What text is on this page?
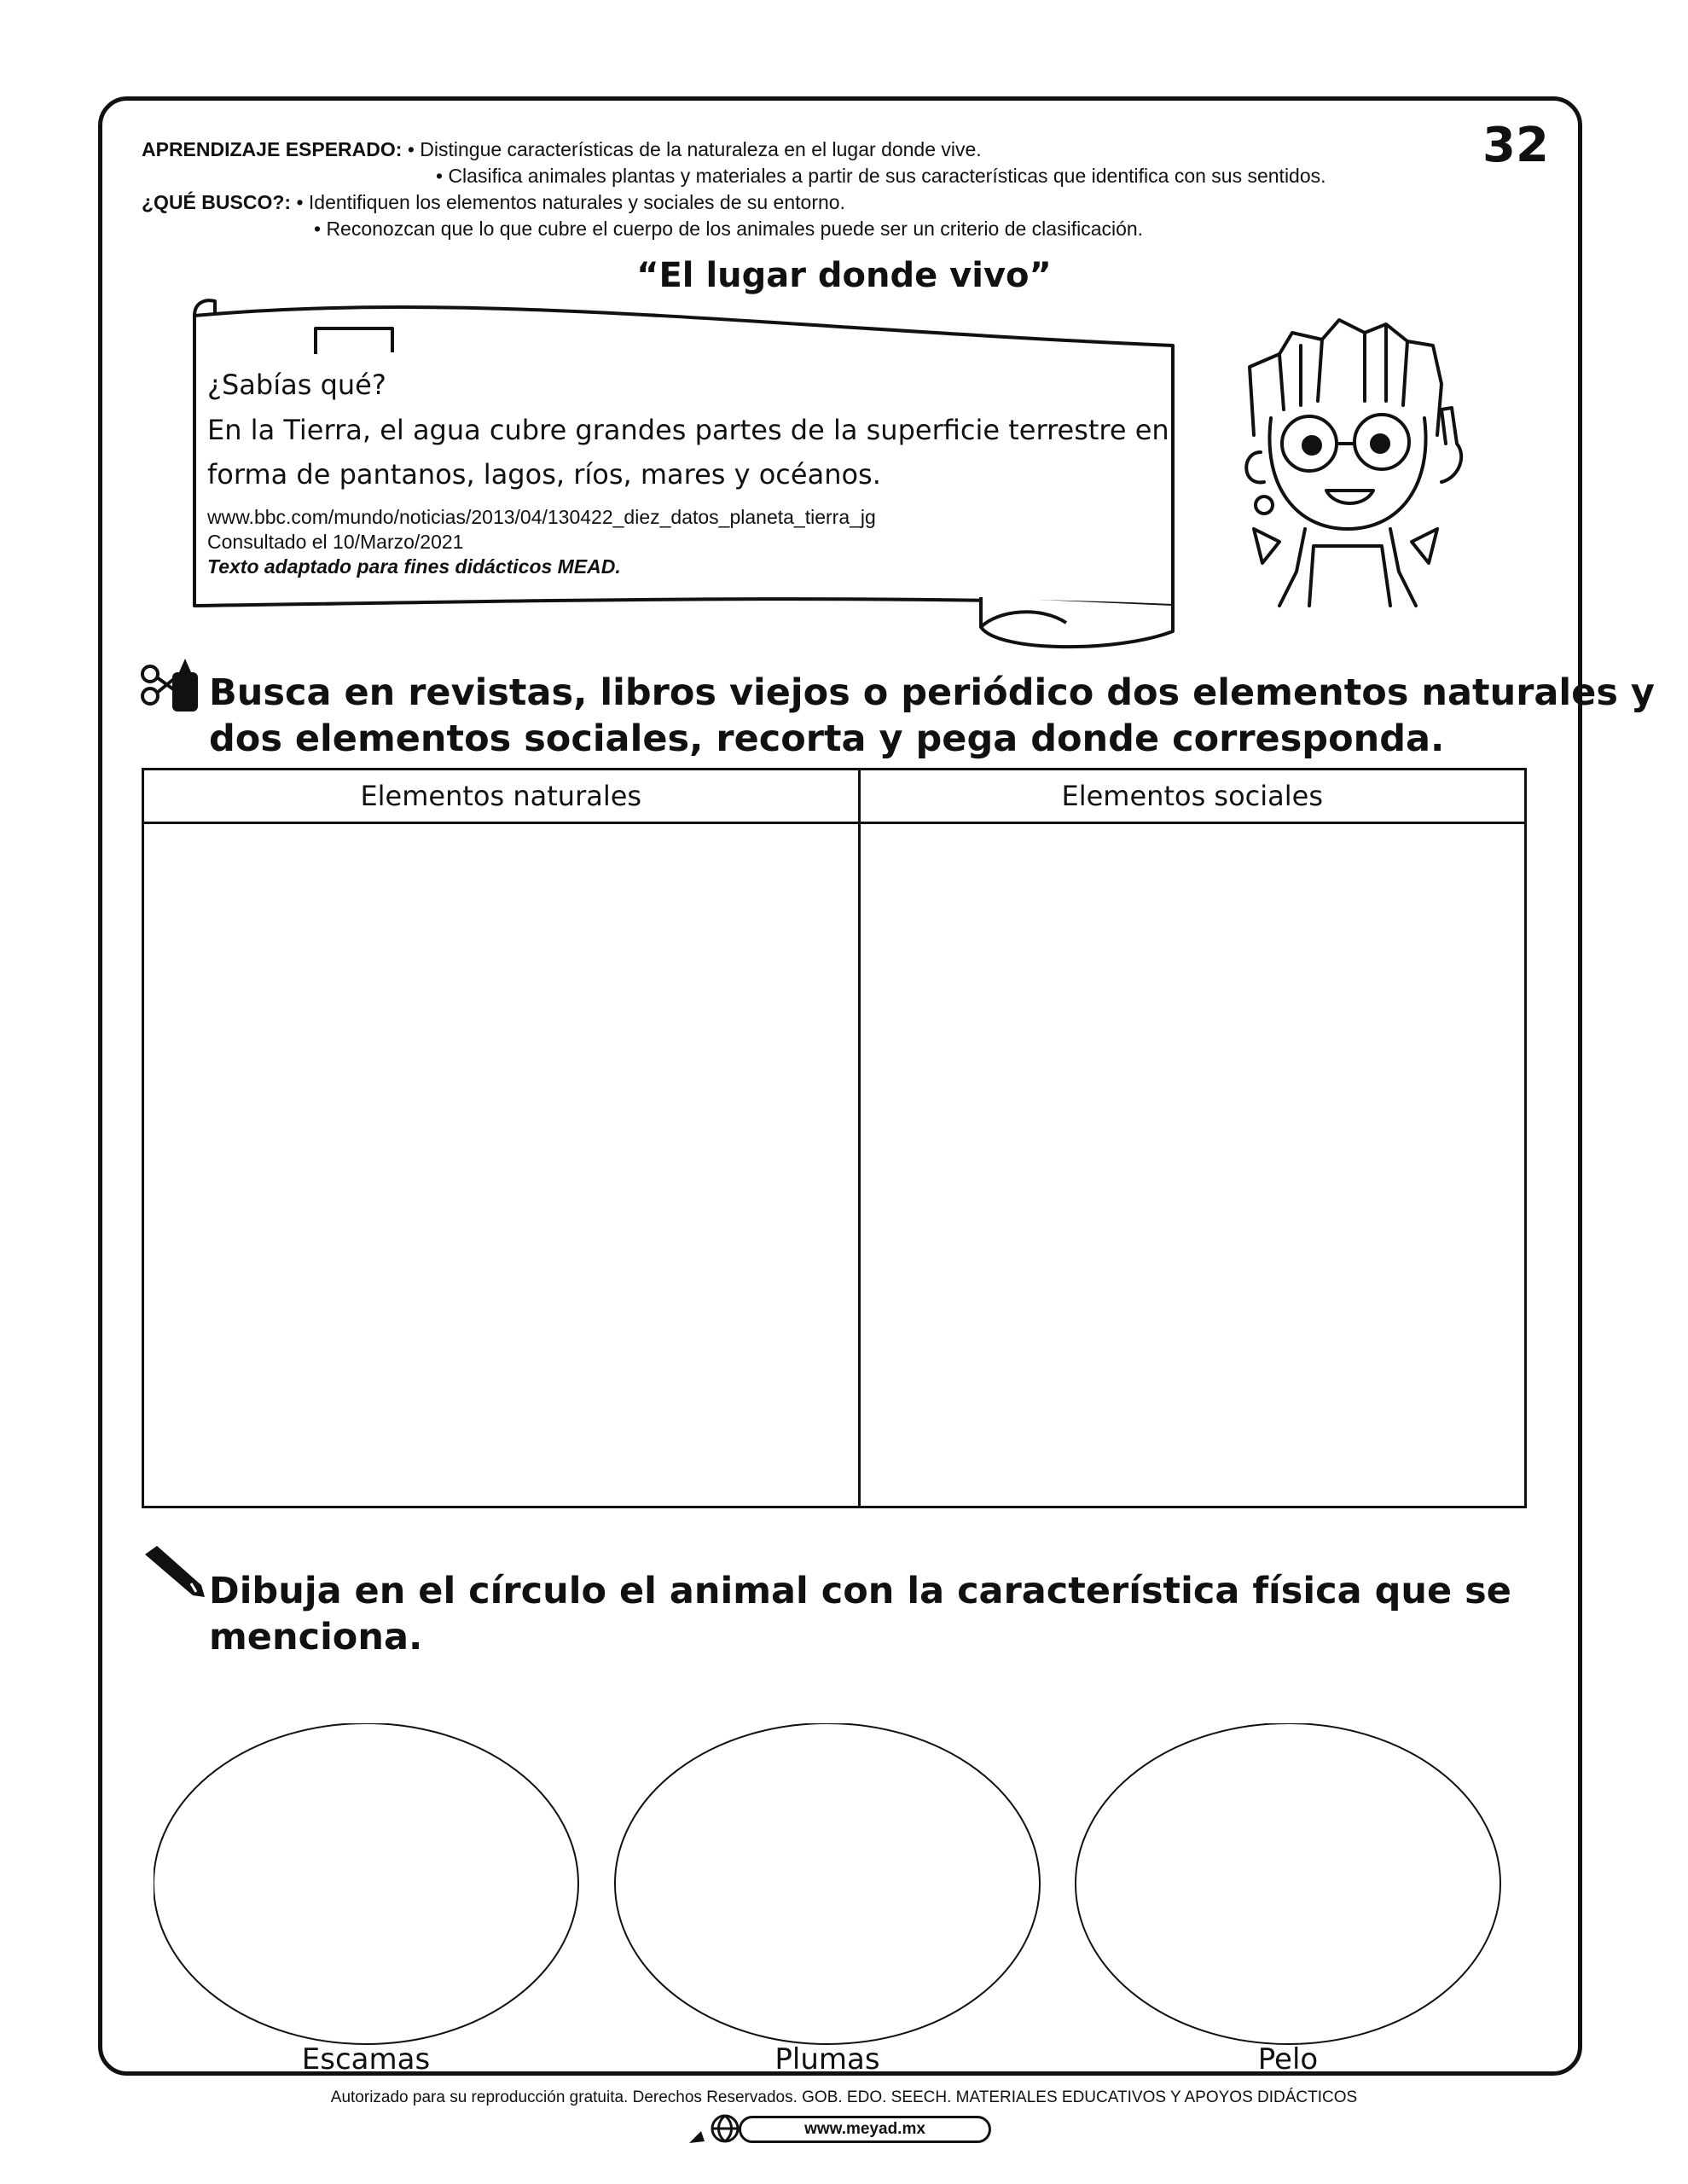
32
APRENDIZAJE ESPERADO: • Distingue características de la naturaleza en el lugar donde vive.
• Clasifica animales plantas y materiales a partir de sus características que identifica con sus sentidos.
¿QUÉ BUSCO?: • Identifiquen los elementos naturales y sociales de su entorno.
• Reconozcan que lo que cubre el cuerpo de los animales puede ser un criterio de clasificación.
“El lugar donde vivo”
¿Sabías qué?
En la Tierra, el agua cubre grandes partes de la superficie terrestre en
forma de pantanos, lagos, ríos, mares y océanos.
www.bbc.com/mundo/noticias/2013/04/130422_diez_datos_planeta_tierra_jg
Consultado el 10/Marzo/2021
Texto adaptado para fines didácticos MEAD.
Busca en revistas, libros viejos o periódico dos elementos naturales y
dos elementos sociales, recorta y pega donde corresponda.
Elementos naturales	Elementos sociales

Dibuja en el círculo el animal con la característica física que se
menciona.
Escamas	Plumas	Pelo
Autorizado para su reproducción gratuita. Derechos Reservados. GOB. EDO. SEECH. MATERIALES EDUCATIVOS Y APOYOS DIDÁCTICOS
www.meyad.mx
